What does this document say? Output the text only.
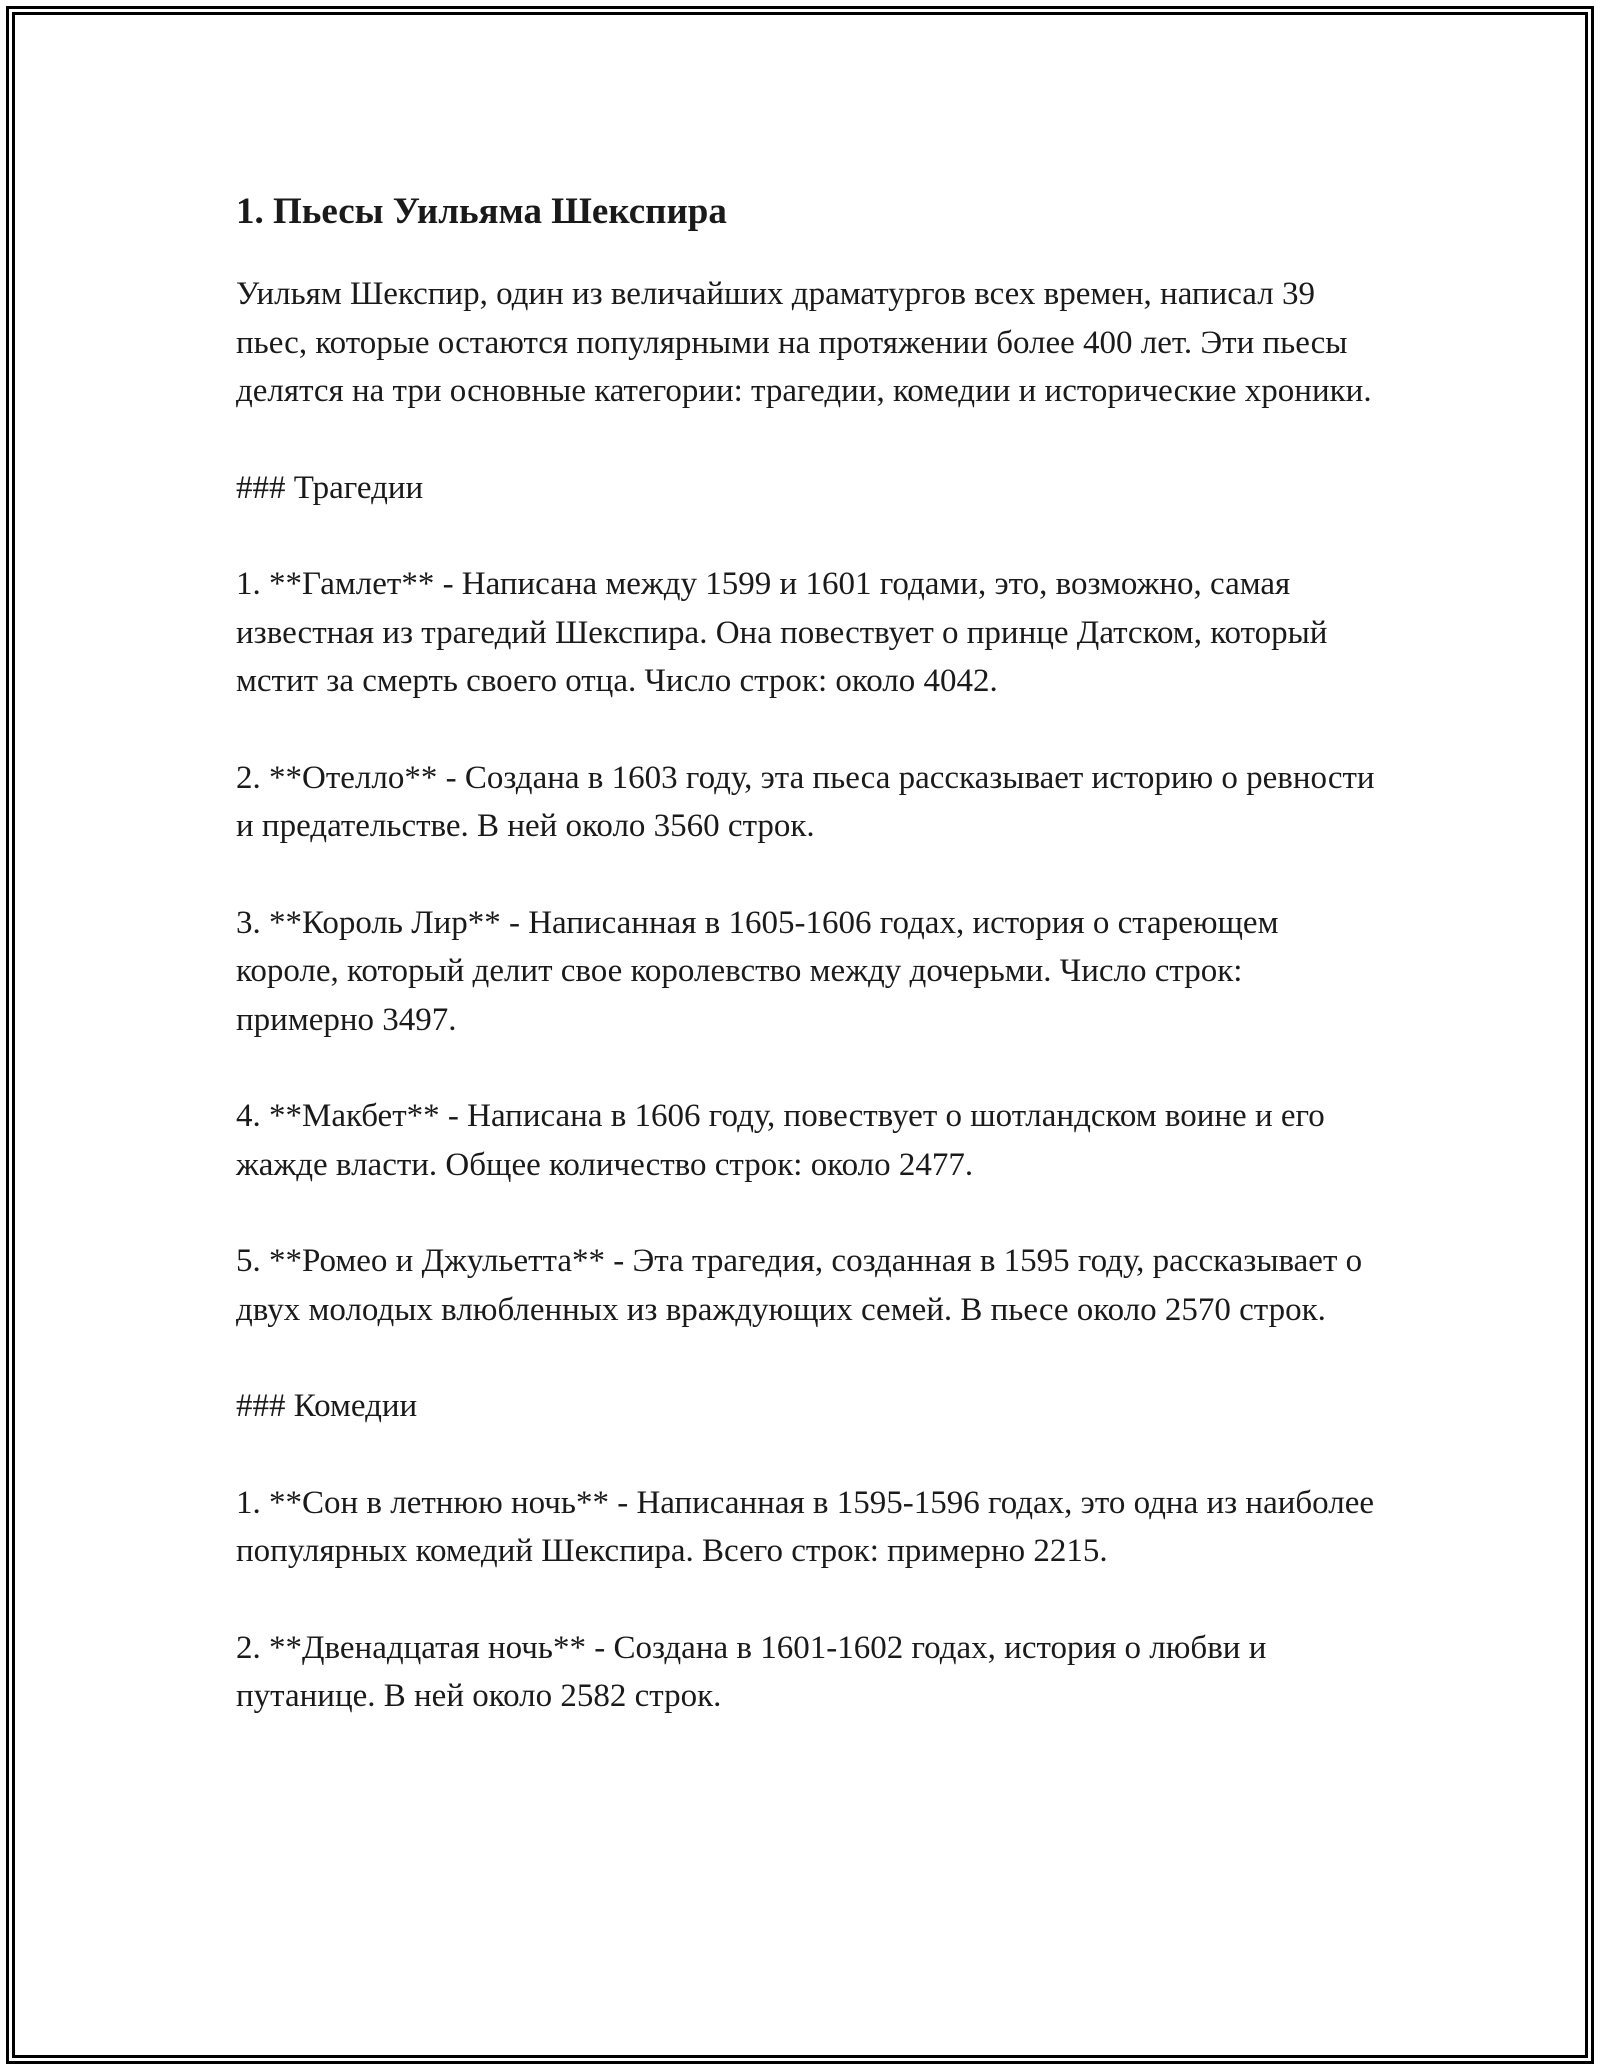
1. Пьесы Уильяма Шекспира

Уильям Шекспир, один из величайших драматургов всех времен, написал 39 пьес, которые остаются популярными на протяжении более 400 лет. Эти пьесы делятся на три основные категории: трагедии, комедии и исторические хроники.

### Трагедии

1. **Гамлет** - Написана между 1599 и 1601 годами, это, возможно, самая известная из трагедий Шекспира. Она повествует о принце Датском, который мстит за смерть своего отца. Число строк: около 4042.

2. **Отелло** - Создана в 1603 году, эта пьеса рассказывает историю о ревности и предательстве. В ней около 3560 строк.

3. **Король Лир** - Написанная в 1605-1606 годах, история о стареющем короле, который делит свое королевство между дочерьми. Число строк: примерно 3497.

4. **Макбет** - Написана в 1606 году, повествует о шотландском воине и его жажде власти. Общее количество строк: около 2477.

5. **Ромео и Джульетта** - Эта трагедия, созданная в 1595 году, рассказывает о двух молодых влюбленных из враждующих семей. В пьесе около 2570 строк.

### Комедии

1. **Сон в летнюю ночь** - Написанная в 1595-1596 годах, это одна из наиболее популярных комедий Шекспира. Всего строк: примерно 2215.

2. **Двенадцатая ночь** - Создана в 1601-1602 годах, история о любви и путанице. В ней около 2582 строк.
